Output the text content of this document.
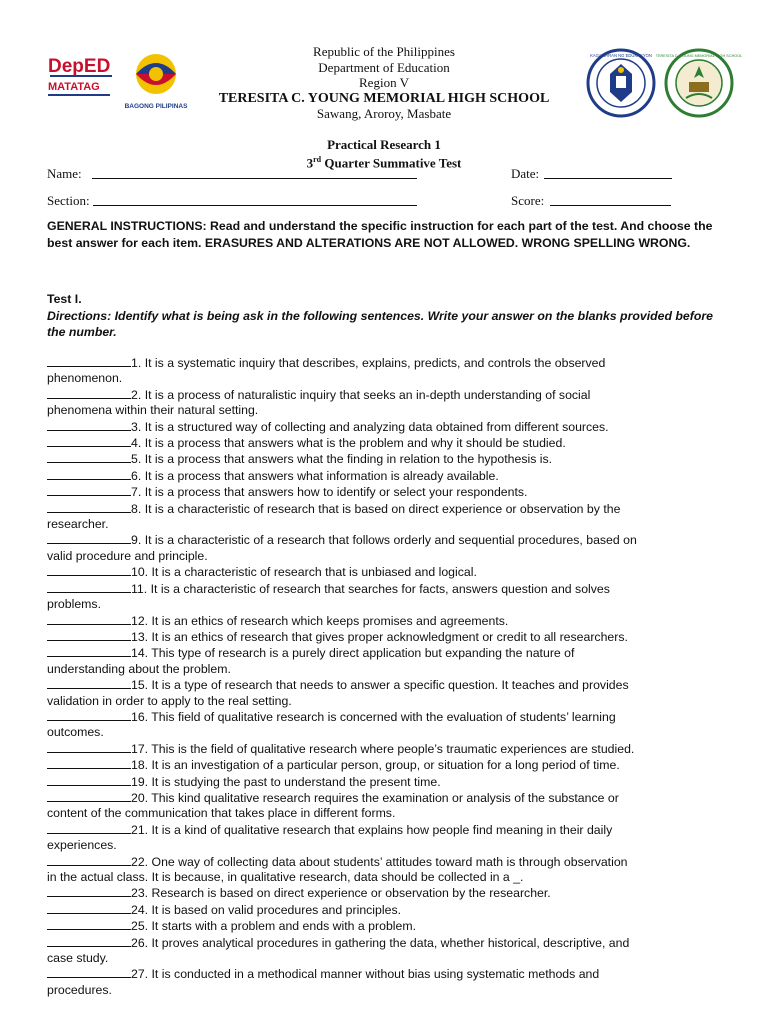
DepED
MATATAG
BAGONG PILIPINAS
KAGAWARAN NG EDUKASYON TERESITA C. YOUNG MEMORIAL HIGH SCHOOL
Republic of the Philippines
Department of Education
Region V
TERESITA C. YOUNG MEMORIAL HIGH SCHOOL
Sawang, Aroroy, Masbate
Practical Research 1
3rd Quarter Summative Test
Name:	Date:
Section:	Score:
GENERAL INSTRUCTIONS: Read and understand the specific instruction for each part of the test. And choose the best answer for each item. ERASURES AND ALTERATIONS ARE NOT ALLOWED. WRONG SPELLING WRONG.
Test I.
Directions: Identify what is being ask in the following sentences. Write your answer on the blanks provided before the number.
1. It is a systematic inquiry that describes, explains, predicts, and controls the observed
phenomenon.
2. It is a process of naturalistic inquiry that seeks an in-depth understanding of social
phenomena within their natural setting.
3. It is a structured way of collecting and analyzing data obtained from different sources.
4. It is a process that answers what is the problem and why it should be studied.
5. It is a process that answers what the finding in relation to the hypothesis is.
6. It is a process that answers what information is already available.
7. It is a process that answers how to identify or select your respondents.
8. It is a characteristic of research that is based on direct experience or observation by the
researcher.
9. It is a characteristic of a research that follows orderly and sequential procedures, based on
valid procedure and principle.
10. It is a characteristic of research that is unbiased and logical.
11. It is a characteristic of research that searches for facts, answers question and solves
problems.
12. It is an ethics of research which keeps promises and agreements.
13. It is an ethics of research that gives proper acknowledgment or credit to all researchers.
14. This type of research is a purely direct application but expanding the nature of
understanding about the problem.
15. It is a type of research that needs to answer a specific question. It teaches and provides
validation in order to apply to the real setting.
16. This field of qualitative research is concerned with the evaluation of students’ learning
outcomes.
17. This is the field of qualitative research where people’s traumatic experiences are studied.
18. It is an investigation of a particular person, group, or situation for a long period of time.
19. It is studying the past to understand the present time.
20. This kind qualitative research requires the examination or analysis of the substance or
content of the communication that takes place in different forms.
21. It is a kind of qualitative research that explains how people find meaning in their daily
experiences.
22. One way of collecting data about students’ attitudes toward math is through observation
in the actual class. It is because, in qualitative research, data should be collected in a _.
23. Research is based on direct experience or observation by the researcher.
24. It is based on valid procedures and principles.
25. It starts with a problem and ends with a problem.
26. It proves analytical procedures in gathering the data, whether historical, descriptive, and
case study.
27. It is conducted in a methodical manner without bias using systematic methods and
procedures.
